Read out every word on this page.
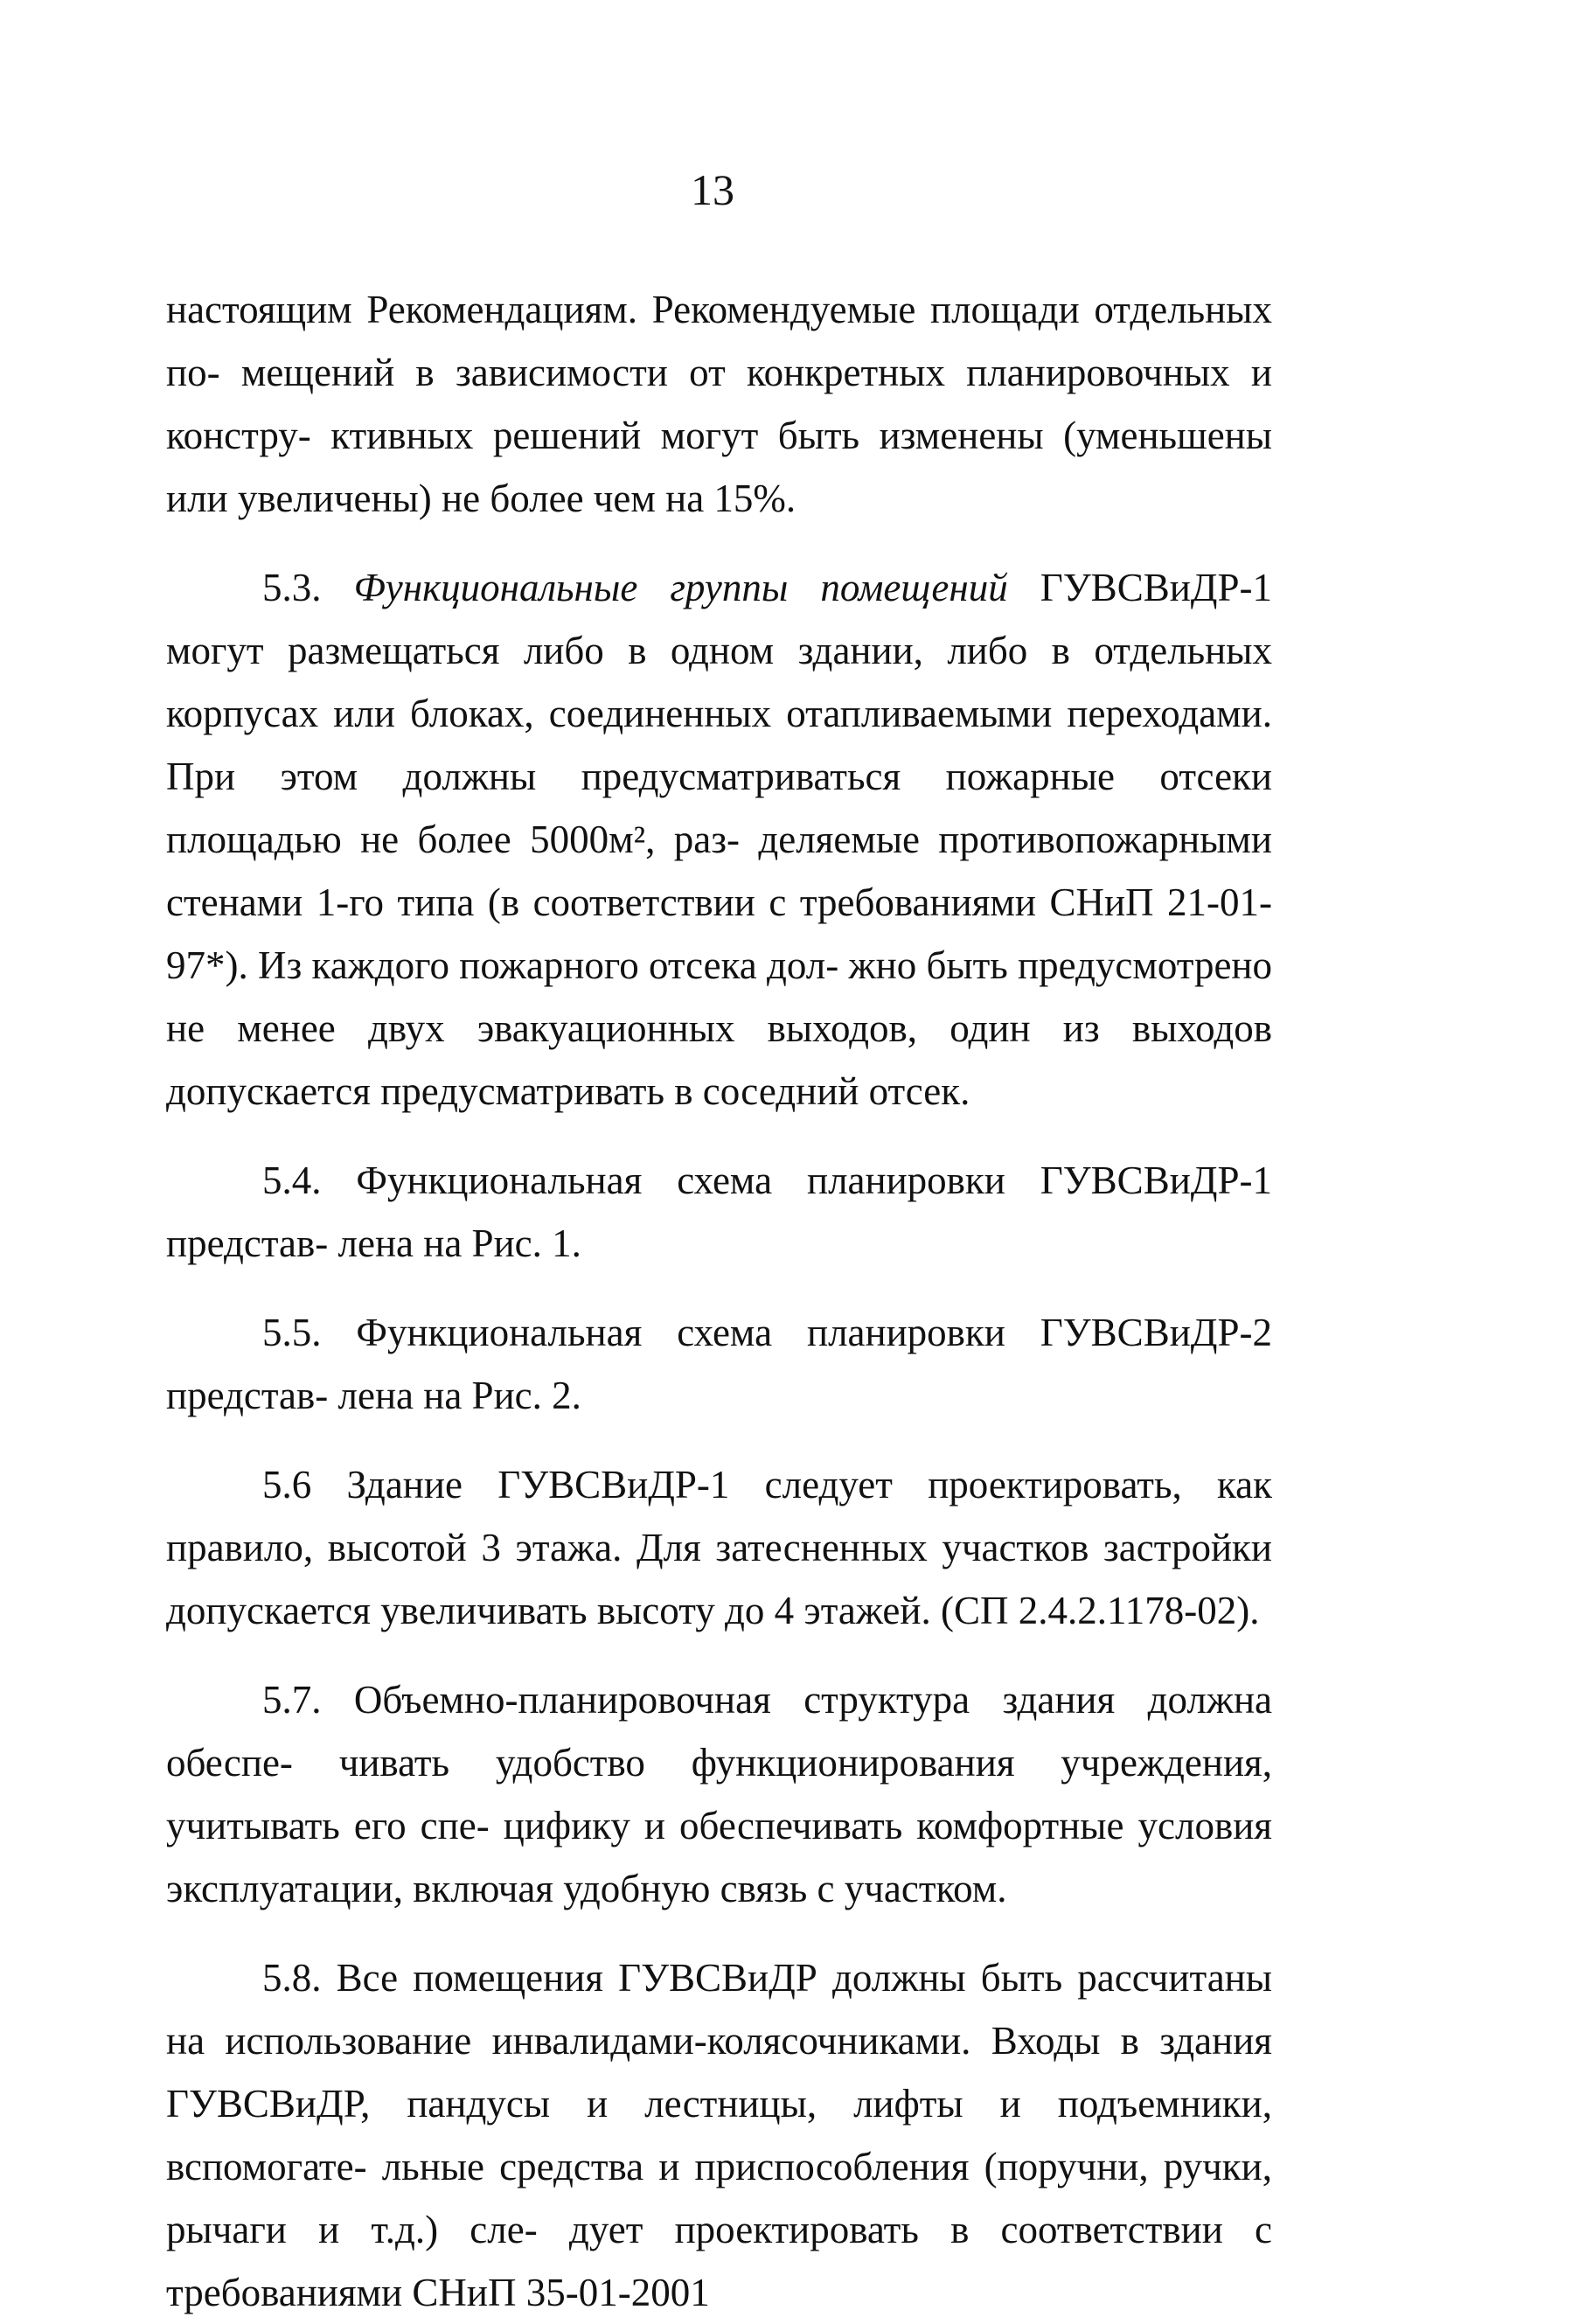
13

настоящим Рекомендациям. Рекомендуемые площади отдельных по- мещений в зависимости от конкретных планировочных и констру- ктивных решений могут быть изменены (уменьшены или увеличены) не более чем на 15%.

5.3. Функциональные группы помещений ГУВСВиДР-1 могут размещаться либо в одном здании, либо в отдельных корпусах или блоках, соединенных отапливаемыми переходами. При этом должны предусматриваться пожарные отсеки площадью не более 5000м², раз- деляемые противопожарными стенами 1-го типа (в соответствии с требованиями СНиП 21-01-97*). Из каждого пожарного отсека дол- жно быть предусмотрено не менее двух эвакуационных выходов, один из выходов допускается предусматривать в соседний отсек.

5.4. Функциональная схема планировки ГУВСВиДР-1 представ- лена на Рис. 1.

5.5. Функциональная схема планировки ГУВСВиДР-2 представ- лена на Рис. 2.

5.6 Здание ГУВСВиДР-1 следует проектировать, как правило, высотой 3 этажа. Для затесненных участков застройки допускается увеличивать высоту до 4 этажей. (СП 2.4.2.1178-02).

5.7. Объемно-планировочная структура здания должна обеспе- чивать удобство функционирования учреждения, учитывать его спе- цифику и обеспечивать комфортные условия эксплуатации, включая удобную связь с участком.

5.8. Все помещения ГУВСВиДР должны быть рассчитаны на использование инвалидами-колясочниками. Входы в здания ГУВСВиДР, пандусы и лестницы, лифты и подъемники, вспомогате- льные средства и приспособления (поручни, ручки, рычаги и т.д.) сле- дует проектировать в соответствии с требованиями СНиП 35-01-2001
